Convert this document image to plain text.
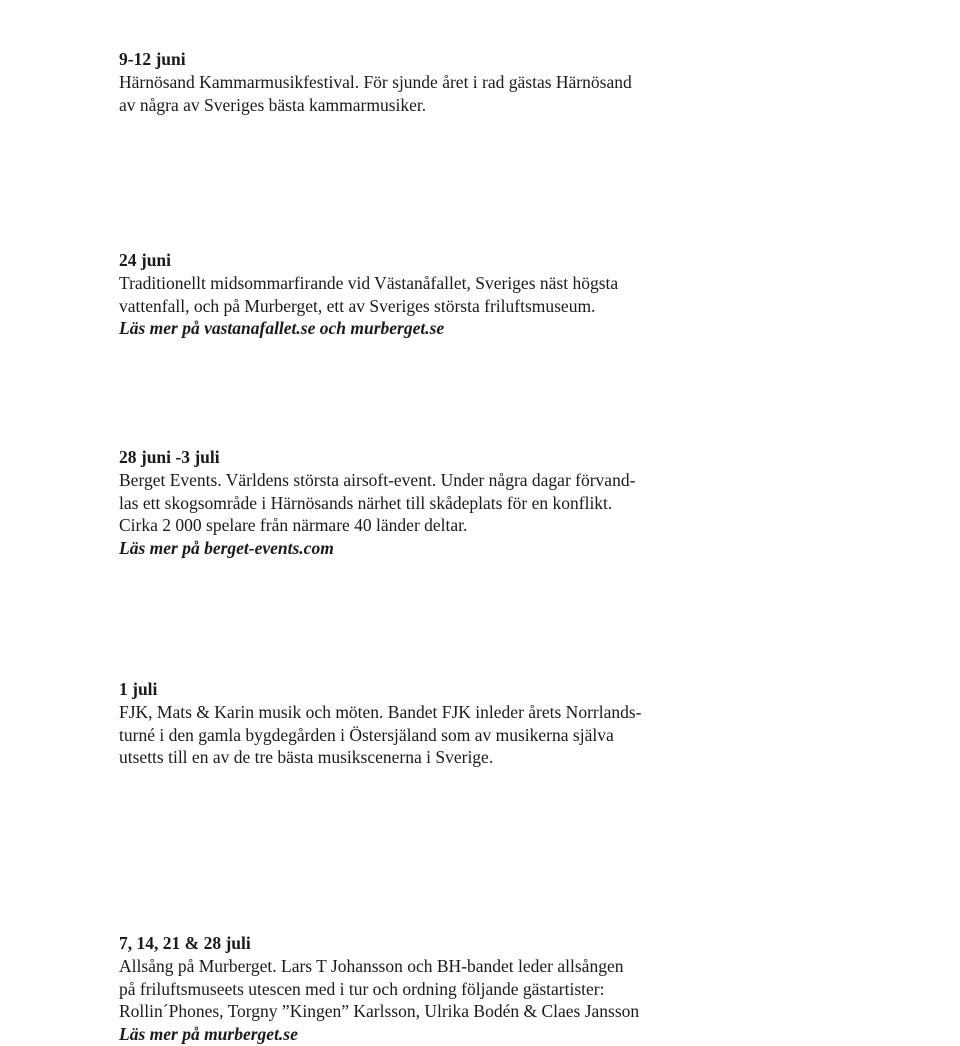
9-12 juni
Härnösand Kammarmusikfestival. För sjunde året i rad gästas Härnösand
av några av Sveriges bästa kammarmusiker.
24 juni
Traditionellt midsommarfirande vid Västanåfallet, Sveriges näst högsta
vattenfall, och på Murberget, ett av Sveriges största friluftsmuseum.
Läs mer på vastanafallet.se och murberget.se
28 juni -3 juli
Berget Events. Världens största airsoft-event. Under några dagar förvand-
las ett skogsområde i Härnösands närhet till skådeplats för en konflikt.
Cirka 2 000 spelare från närmare 40 länder deltar.
Läs mer på berget-events.com
1 juli
FJK, Mats & Karin musik och möten. Bandet FJK inleder årets Norrlands-
turné i den gamla bygdegården i Östersjäland som av musikerna själva
utsetts till en av de tre bästa musikscenerna i Sverige.
7, 14, 21 & 28 juli
Allsång på Murberget. Lars T Johansson och BH-bandet leder allsången
på friluftsmuseets utescen med i tur och ordning följande gästartister:
Rollin´Phones, Torgny ”Kingen” Karlsson, Ulrika Bodén & Claes Jansson
Läs mer på murberget.se
